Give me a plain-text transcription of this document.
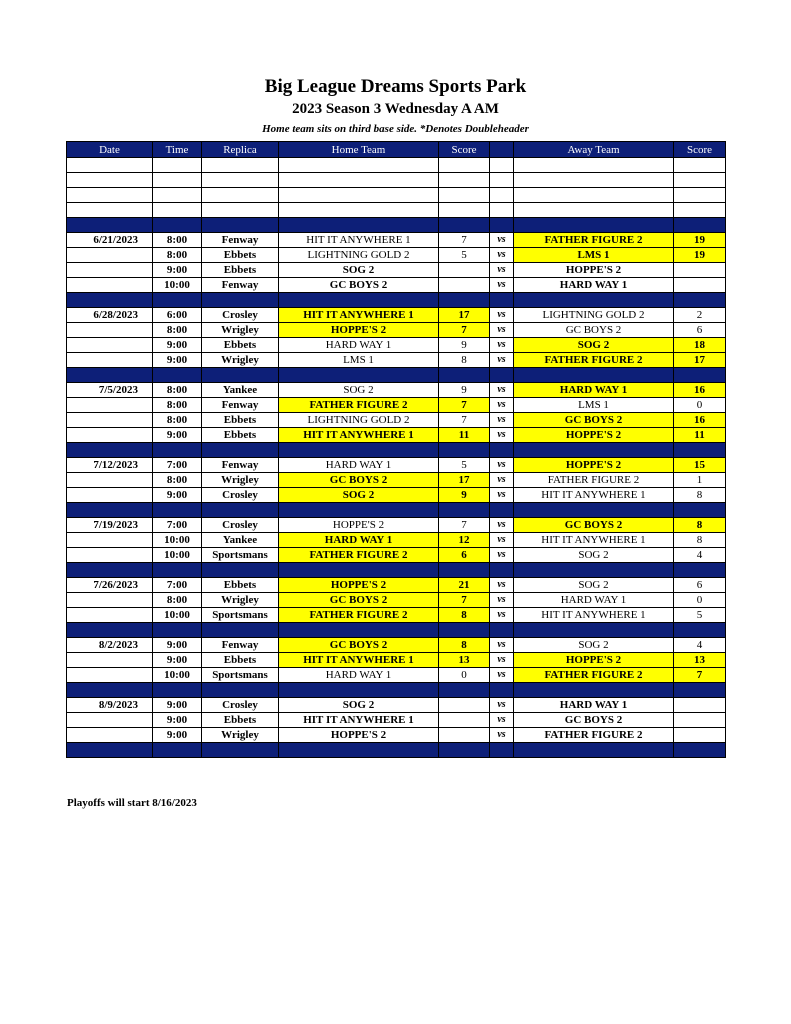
Big League Dreams Sports Park
2023 Season 3 Wednesday A AM
Home team sits on third base side. *Denotes Doubleheader
Date	Time	Replica	Home Team	Score		Away Team	Score

6/21/2023	8:00	Fenway	HIT IT ANYWHERE 1	7	vs	FATHER FIGURE 2	19
	8:00	Ebbets	LIGHTNING GOLD 2	5	vs	LMS 1	19
	9:00	Ebbets	SOG 2		vs	HOPPE'S 2	
	10:00	Fenway	GC BOYS 2		vs	HARD WAY 1	

6/28/2023	6:00	Crosley	HIT IT ANYWHERE 1	17	vs	LIGHTNING GOLD 2	2
	8:00	Wrigley	HOPPE'S 2	7	vs	GC BOYS 2	6
	9:00	Ebbets	HARD WAY 1	9	vs	SOG 2	18
	9:00	Wrigley	LMS 1	8	vs	FATHER FIGURE 2	17

7/5/2023	8:00	Yankee	SOG 2	9	vs	HARD WAY 1	16
	8:00	Fenway	FATHER FIGURE 2	7	vs	LMS 1	0
	8:00	Ebbets	LIGHTNING GOLD 2	7	vs	GC BOYS 2	16
	9:00	Ebbets	HIT IT ANYWHERE 1	11	vs	HOPPE'S 2	11

7/12/2023	7:00	Fenway	HARD WAY 1	5	vs	HOPPE'S 2	15
	8:00	Wrigley	GC BOYS 2	17	vs	FATHER FIGURE 2	1
	9:00	Crosley	SOG 2	9	vs	HIT IT ANYWHERE 1	8

7/19/2023	7:00	Crosley	HOPPE'S 2	7	vs	GC BOYS 2	8
	10:00	Yankee	HARD WAY 1	12	vs	HIT IT ANYWHERE 1	8
	10:00	Sportsmans	FATHER FIGURE 2	6	vs	SOG 2	4

7/26/2023	7:00	Ebbets	HOPPE'S 2	21	vs	SOG 2	6
	8:00	Wrigley	GC BOYS 2	7	vs	HARD WAY 1	0
	10:00	Sportsmans	FATHER FIGURE 2	8	vs	HIT IT ANYWHERE 1	5

8/2/2023	9:00	Fenway	GC BOYS 2	8	vs	SOG 2	4
	9:00	Ebbets	HIT IT ANYWHERE 1	13	vs	HOPPE'S 2	13
	10:00	Sportsmans	HARD WAY 1	0	vs	FATHER FIGURE 2	7

8/9/2023	9:00	Crosley	SOG 2		vs	HARD WAY 1	
	9:00	Ebbets	HIT IT ANYWHERE 1		vs	GC BOYS 2	
	9:00	Wrigley	HOPPE'S 2		vs	FATHER FIGURE 2	

Playoffs will start 8/16/2023
